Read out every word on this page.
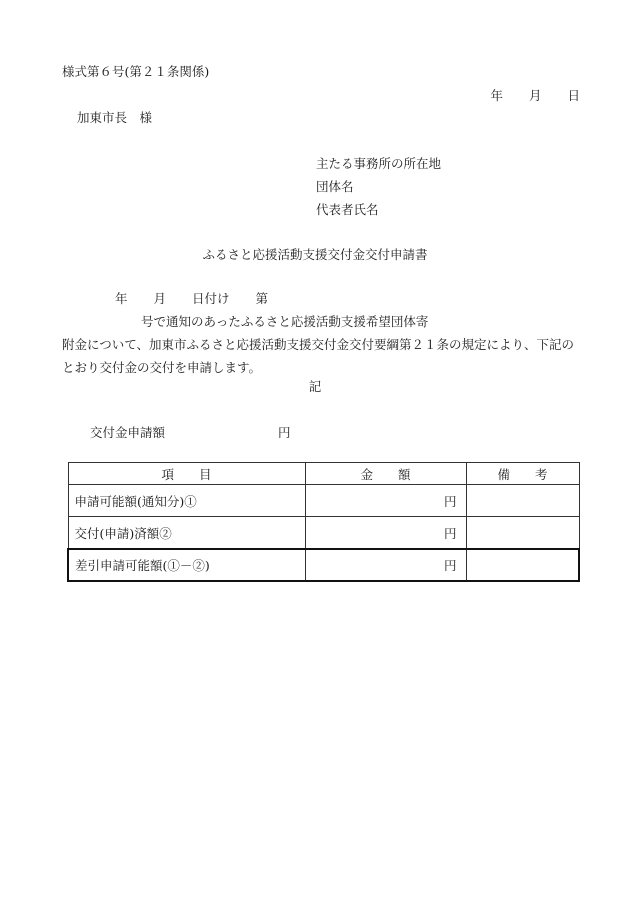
様式第６号(第２１条関係)
年 月 日
加東市長　様
主たる事務所の所在地
団体名
代表者氏名
ふるさと応援活動支援交付金交付申請書
年 月 日付け 第号で通知のあったふるさと応援活動支援希望団体寄
附金について、加東市ふるさと応援活動支援交付金交付要綱第２１条の規定により、下記の
とおり交付金の交付を申請します。
記
交付金申請額	円
項　　目	金　　額	備　　考
申請可能額(通知分)①	円	
交付(申請)済額②	円	
差引申請可能額(①－②)	円	
